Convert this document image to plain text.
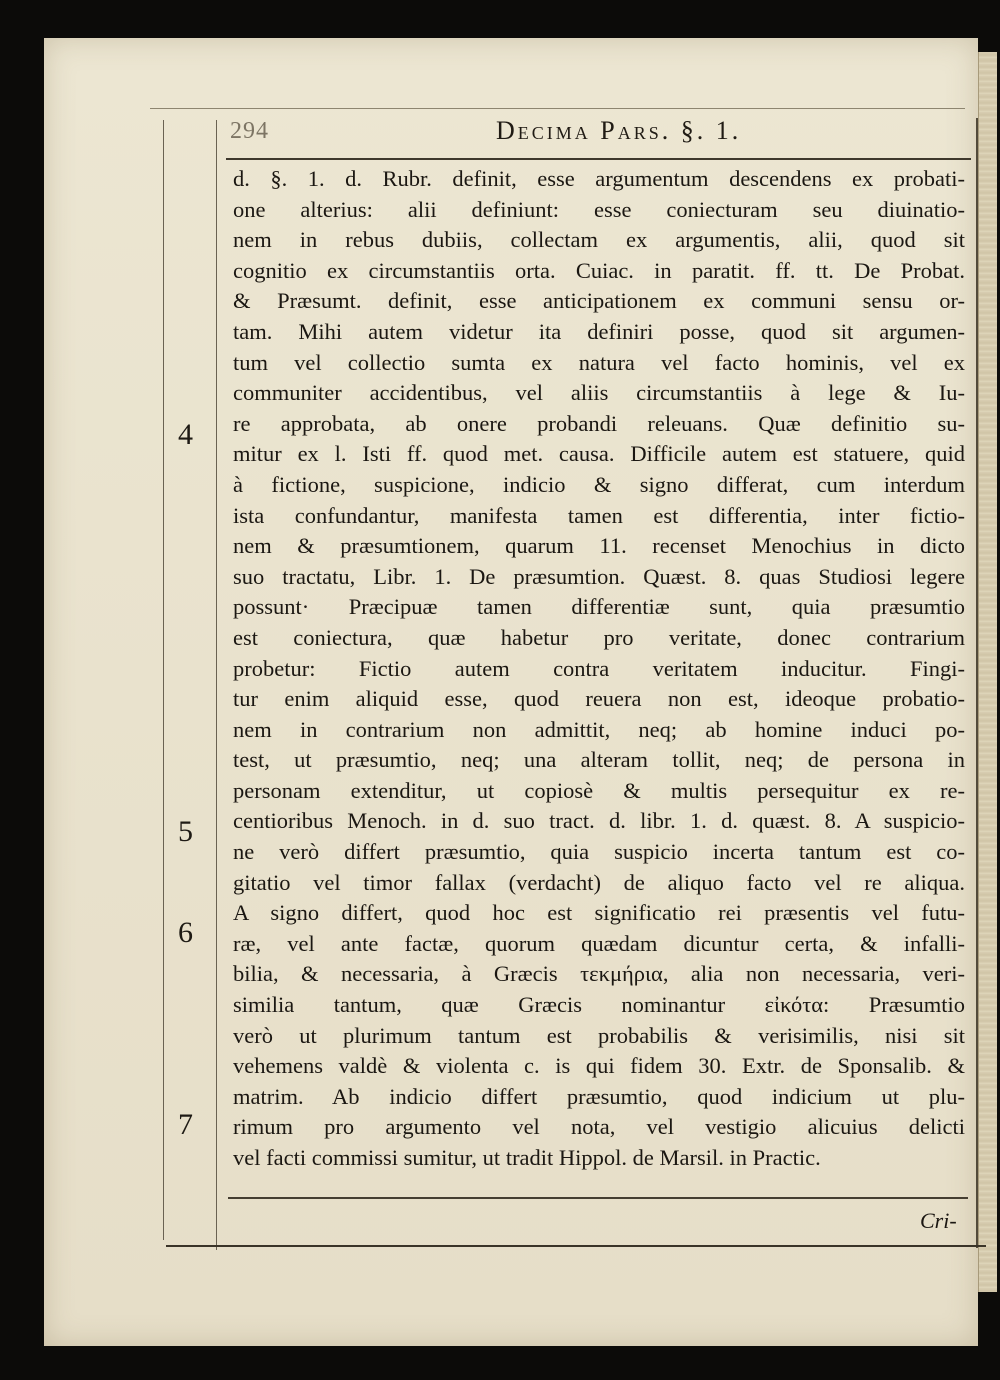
294	Decima Pars. §. 1.
d. §. 1. d. Rubr. definit, esse argumentum descendens ex probati-
one alterius: alii definiunt: esse coniecturam seu diuinatio-
nem in rebus dubiis, collectam ex argumentis, alii, quod sit
cognitio ex circumstantiis orta. Cuiac. in paratit. ff. tt. De Probat.
& Præsumt. definit, esse anticipationem ex communi sensu or-
tam. Mihi autem videtur ita definiri posse, quod sit argumen-
tum vel collectio sumta ex natura vel facto hominis, vel ex
communiter accidentibus, vel aliis circumstantiis à lege & Iu-
re approbata, ab onere probandi releuans. Quæ definitio su-
mitur ex l. Isti ff. quod met. causa. Difficile autem est statuere, quid
à fictione, suspicione, indicio & signo differat, cum interdum
ista confundantur, manifesta tamen est differentia, inter fictio-
nem & præsumtionem, quarum 11. recenset Menochius in dicto
suo tractatu, Libr. 1. De præsumtion. Quæst. 8. quas Studiosi legere
possunt· Præcipuæ tamen differentiæ sunt, quia præsumtio
est coniectura, quæ habetur pro veritate, donec contrarium
probetur: Fictio autem contra veritatem inducitur. Fingi-
tur enim aliquid esse, quod reuera non est, ideoque probatio-
nem in contrarium non admittit, neq; ab homine induci po-
test, ut præsumtio, neq; una alteram tollit, neq; de persona in
personam extenditur, ut copiosè & multis persequitur ex re-
centioribus Menoch. in d. suo tract. d. libr. 1. d. quæst. 8. A suspicio-
ne verò differt præsumtio, quia suspicio incerta tantum est co-
gitatio vel timor fallax (verdacht) de aliquo facto vel re aliqua.
A signo differt, quod hoc est significatio rei præsentis vel futu-
ræ, vel ante factæ, quorum quædam dicuntur certa, & infalli-
bilia, & necessaria, à Græcis τεκμήρια, alia non necessaria, veri-
similia tantum, quæ Græcis nominantur εἰκότα: Præsumtio
verò ut plurimum tantum est probabilis & verisimilis, nisi sit
vehemens valdè & violenta c. is qui fidem 30. Extr. de Sponsalib. &
matrim. Ab indicio differt præsumtio, quod indicium ut plu-
rimum pro argumento vel nota, vel vestigio alicuius delicti
vel facti commissi sumitur, ut tradit Hippol. de Marsil. in Practic.
4
5
6
7
Cri-
